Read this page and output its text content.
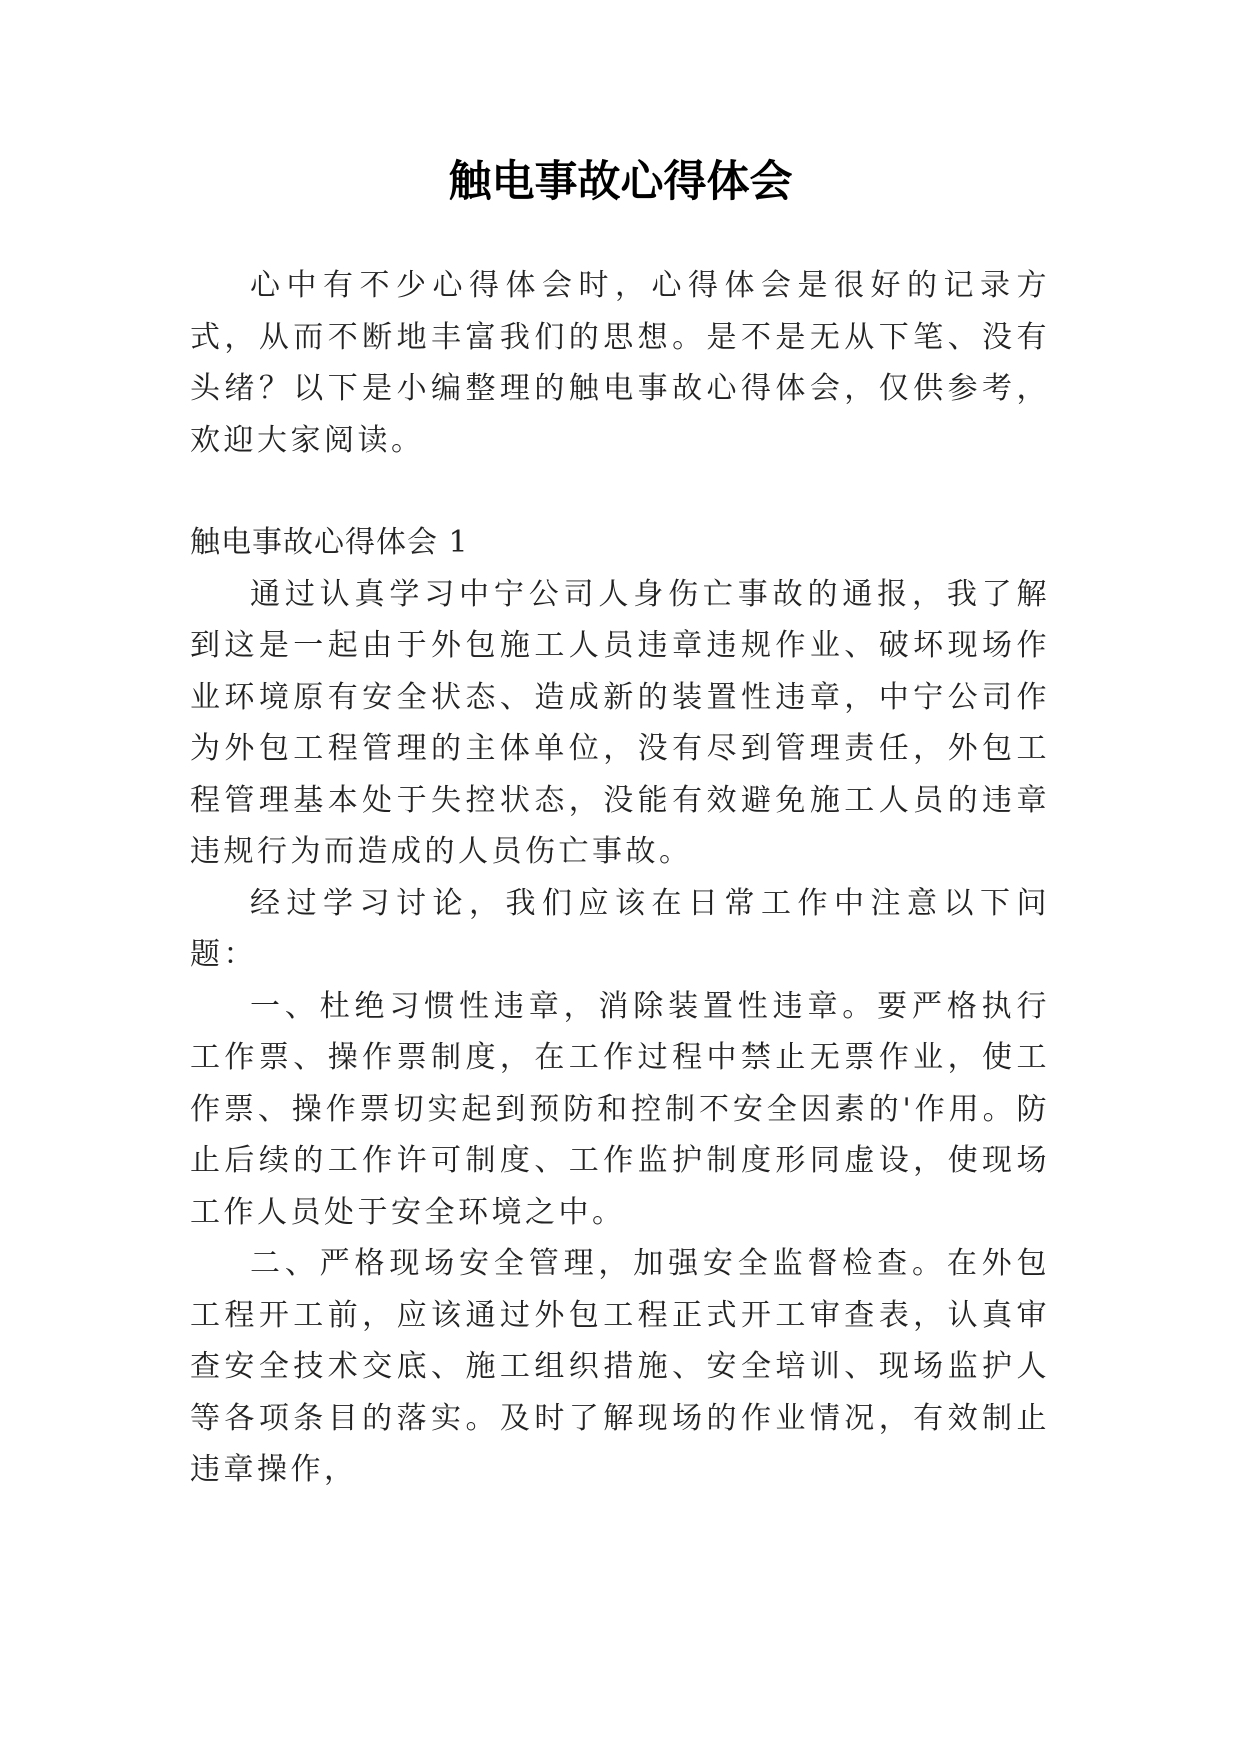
触电事故心得体会

心中有不少心得体会时，心得体会是很好的记录方式，从而不断地丰富我们的思想。是不是无从下笔、没有头绪？以下是小编整理的触电事故心得体会，仅供参考，欢迎大家阅读。

触电事故心得体会 1

通过认真学习中宁公司人身伤亡事故的通报，我了解到这是一起由于外包施工人员违章违规作业、破坏现场作业环境原有安全状态、造成新的装置性违章，中宁公司作为外包工程管理的主体单位，没有尽到管理责任，外包工程管理基本处于失控状态，没能有效避免施工人员的违章违规行为而造成的人员伤亡事故。

经过学习讨论，我们应该在日常工作中注意以下问题：

一、杜绝习惯性违章，消除装置性违章。要严格执行工作票、操作票制度，在工作过程中禁止无票作业，使工作票、操作票切实起到预防和控制不安全因素的'作用。防止后续的工作许可制度、工作监护制度形同虚设，使现场工作人员处于安全环境之中。

二、严格现场安全管理，加强安全监督检查。在外包工程开工前，应该通过外包工程正式开工审查表，认真审查安全技术交底、施工组织措施、安全培训、现场监护人等各项条目的落实。及时了解现场的作业情况，有效制止违章操作，
